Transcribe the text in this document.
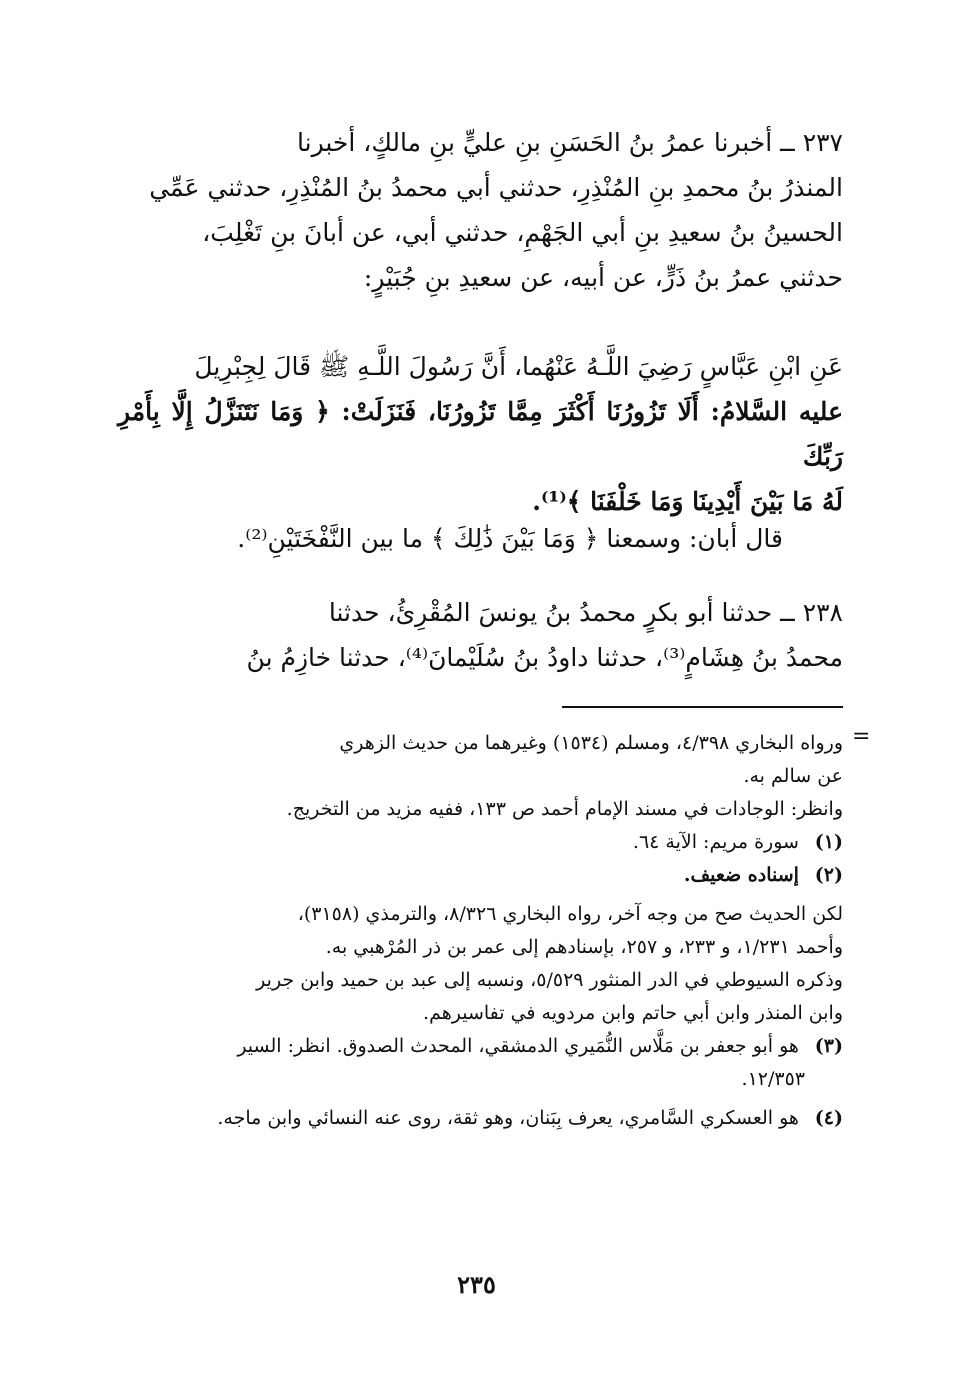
٢٣٧ ــ أخبرنا عمرُ بنُ الحَسَنِ بنِ عليٍّ بنِ مالكٍ، أخبرنا
المنذرُ بنُ محمدِ بنِ المُنْذِرِ، حدثني أبي محمدُ بنُ المُنْذِرِ، حدثني عَمِّي
الحسينُ بنُ سعيدِ بنِ أبي الجَهْمِ، حدثني أبي، عن أبانَ بنِ تَغْلِبَ،
حدثني عمرُ بنُ ذَرٍّ، عن أبيه، عن سعيدِ بنِ جُبَيْرٍ:
عَنِ ابْنِ عَبَّاسٍ رَضِيَ اللَّـهُ عَنْهُما، أَنَّ رَسُولَ اللَّـهِ ﷺ قَالَ لِجِبْرِيلَ
عليه السَّلامُ: أَلَا تَزُورُنَا أَكْثَرَ مِمَّا تَزُورُنَا، فَنَزَلَتْ: ﴿ وَمَا نَتَنَزَّلُ إِلَّا بِأَمْرِ رَبِّكَ
لَهُ مَا بَيْنَ أَيْدِينَا وَمَا خَلْفَنَا ﴾⁽¹⁾.
قال أبان: وسمعنا ﴿ وَمَا بَيْنَ ذَٰلِكَ ﴾ ما بين النَّفْخَتَيْنِ⁽²⁾.
٢٣٨ ــ حدثنا أبو بكرٍ محمدُ بنُ يونسَ المُقْرِئُ، حدثنا
محمدُ بنُ هِشَامٍ⁽³⁾، حدثنا داودُ بنُ سُلَيْمانَ⁽⁴⁾، حدثنا خازِمُ بنُ
=
ورواه البخاري ٤/٣٩٨، ومسلم (١٥٣٤) وغيرهما من حديث الزهري
عن سالم به.
وانظر: الوجادات في مسند الإمام أحمد ص ١٣٣، ففيه مزيد من التخريج.
(١) سورة مريم: الآية ٦٤.
(٢) إسناده ضعيف.
لكن الحديث صح من وجه آخر، رواه البخاري ٨/٣٢٦، والترمذي (٣١٥٨)،
وأحمد ١/٢٣١، و ٢٣٣، و ٢٥٧، بإسنادهم إلى عمر بن ذر المُرْهبي به.
وذكره السيوطي في الدر المنثور ٥/٥٢٩، ونسبه إلى عبد بن حميد وابن جرير
وابن المنذر وابن أبي حاتم وابن مردويه في تفاسيرهم.
(٣) هو أبو جعفر بن مَلَّاس النُّمَيري الدمشقي، المحدث الصدوق. انظر: السير
١٢/٣٥٣.
(٤) هو العسكري السَّامري، يعرف بِبَنان، وهو ثقة، روى عنه النسائي وابن ماجه.
٢٣٥
